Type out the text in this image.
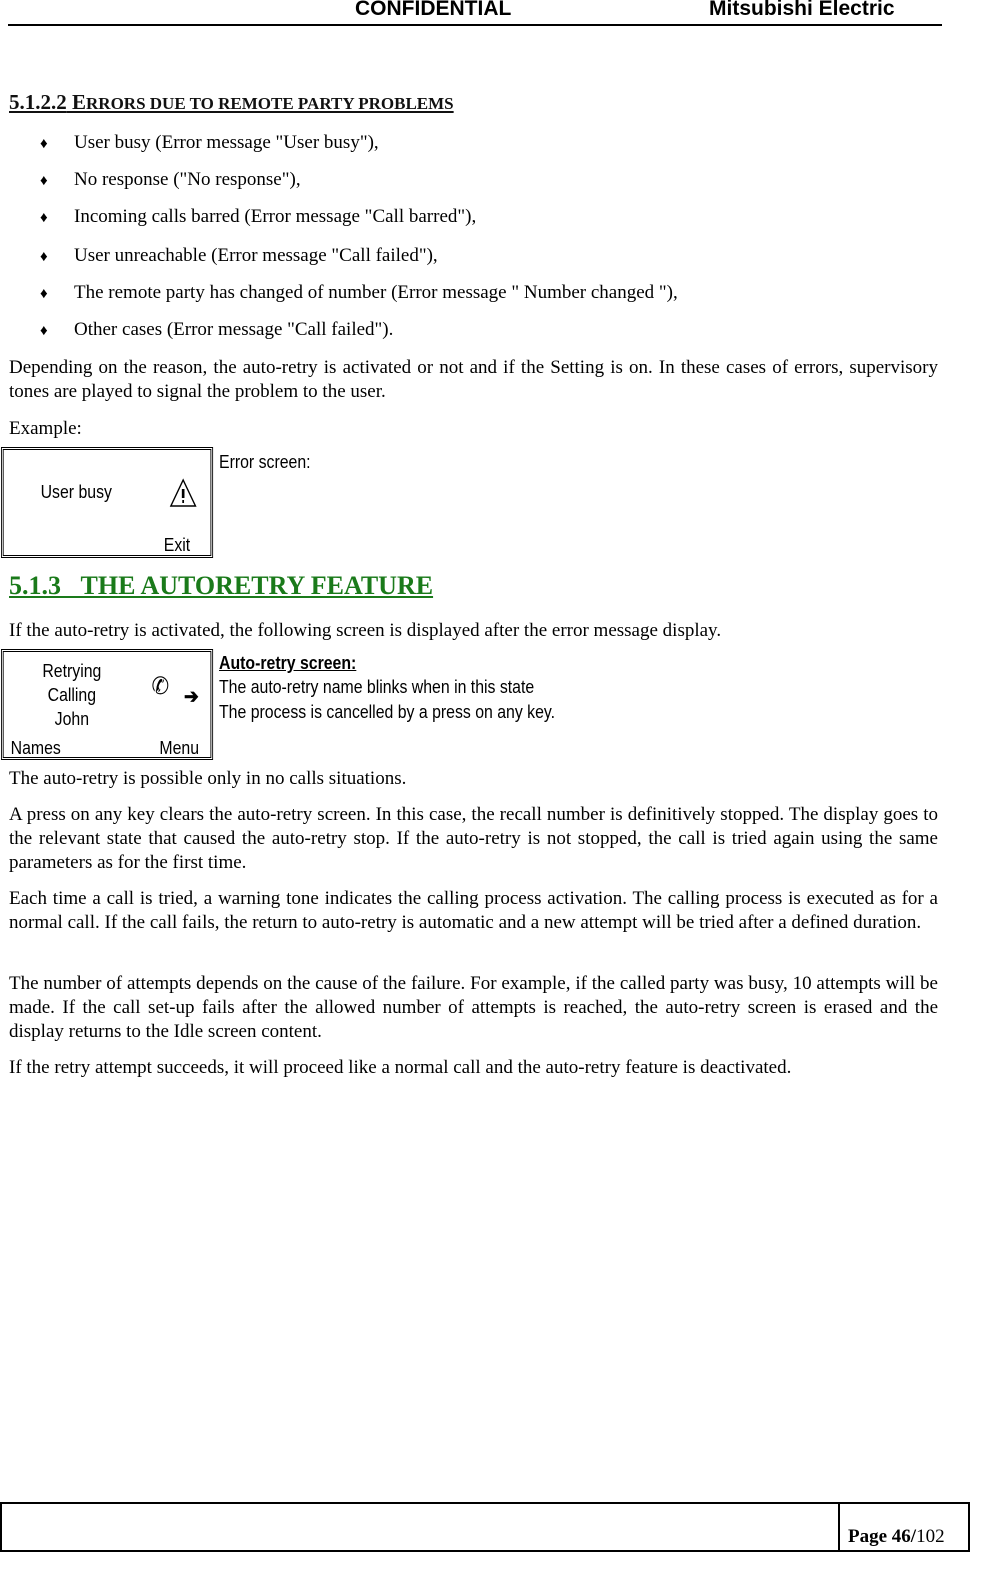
CONFIDENTIAL	Mitsubishi Electric
5.1.2.2 ERRORS DUE TO REMOTE PARTY PROBLEMS
♦ User busy (Error message "User busy"),
♦ No response ("No response"),
♦ Incoming calls barred (Error message "Call barred"),
♦ User unreachable (Error message "Call failed"),
♦ The remote party has changed of number (Error message " Number changed "),
♦ Other cases (Error message "Call failed").
Depending on the reason, the auto-retry is activated or not and if the Setting is on. In these cases of errors, supervisory tones are played to signal the problem to the user.
Example:
User busy
Exit
Error screen:
5.1.3 THE AUTORETRY FEATURE
If the auto-retry is activated, the following screen is displayed after the error message display.
Retrying
Calling
John
✆ ➔
Names	Menu
Auto-retry screen:
The auto-retry name blinks when in this state
The process is cancelled by a press on any key.
The auto-retry is possible only in no calls situations.
A press on any key clears the auto-retry screen. In this case, the recall number is definitively stopped. The display goes to the relevant state that caused the auto-retry stop. If the auto-retry is not stopped, the call is tried again using the same parameters as for the first time.
Each time a call is tried, a warning tone indicates the calling process activation. The calling process is executed as for a normal call. If the call fails, the return to auto-retry is automatic and a new attempt will be tried after a defined duration.
The number of attempts depends on the cause of the failure. For example, if the called party was busy, 10 attempts will be made. If the call set-up fails after the allowed number of attempts is reached, the auto-retry screen is erased and the display returns to the Idle screen content.
If the retry attempt succeeds, it will proceed like a normal call and the auto-retry feature is deactivated.
Page 46/102
